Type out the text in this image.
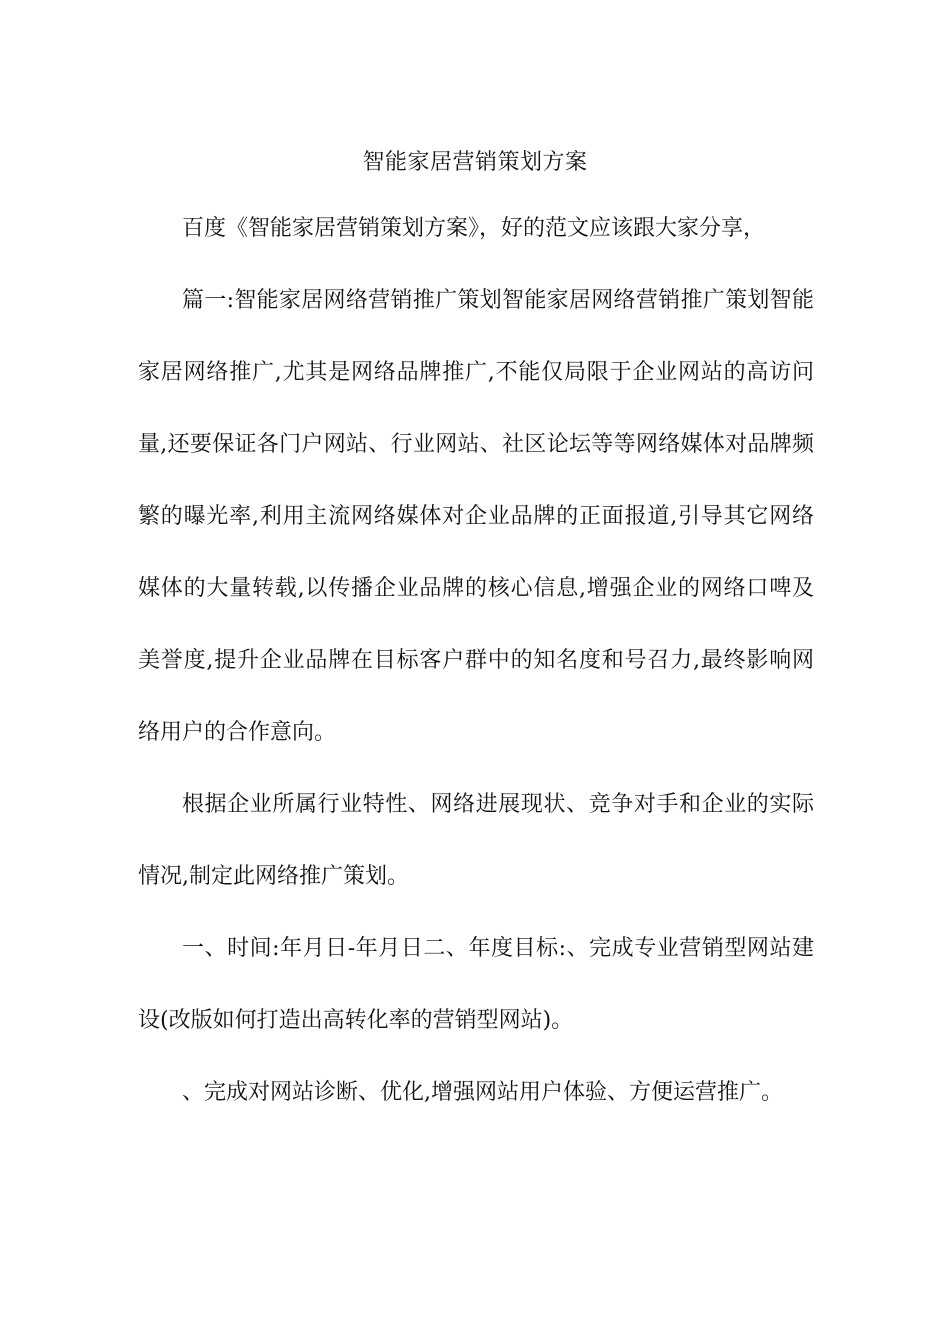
智能家居营销策划方案
百度《智能家居营销策划方案》，好的范文应该跟大家分享，
篇一:智能家居网络营销推广策划智能家居网络营销推广策划智能
家居网络推广,尤其是网络品牌推广,不能仅局限于企业网站的高访问
量,还要保证各门户网站、行业网站、社区论坛等等网络媒体对品牌频
繁的曝光率,利用主流网络媒体对企业品牌的正面报道,引导其它网络
媒体的大量转载,以传播企业品牌的核心信息,增强企业的网络口啤及
美誉度,提升企业品牌在目标客户群中的知名度和号召力,最终影响网
络用户的合作意向。
根据企业所属行业特性、网络进展现状、竞争对手和企业的实际
情况,制定此网络推广策划。
一、时间:年月日-年月日二、年度目标:、完成专业营销型网站建
设(改版如何打造出高转化率的营销型网站)。
、完成对网站诊断、优化,增强网站用户体验、方便运营推广。
